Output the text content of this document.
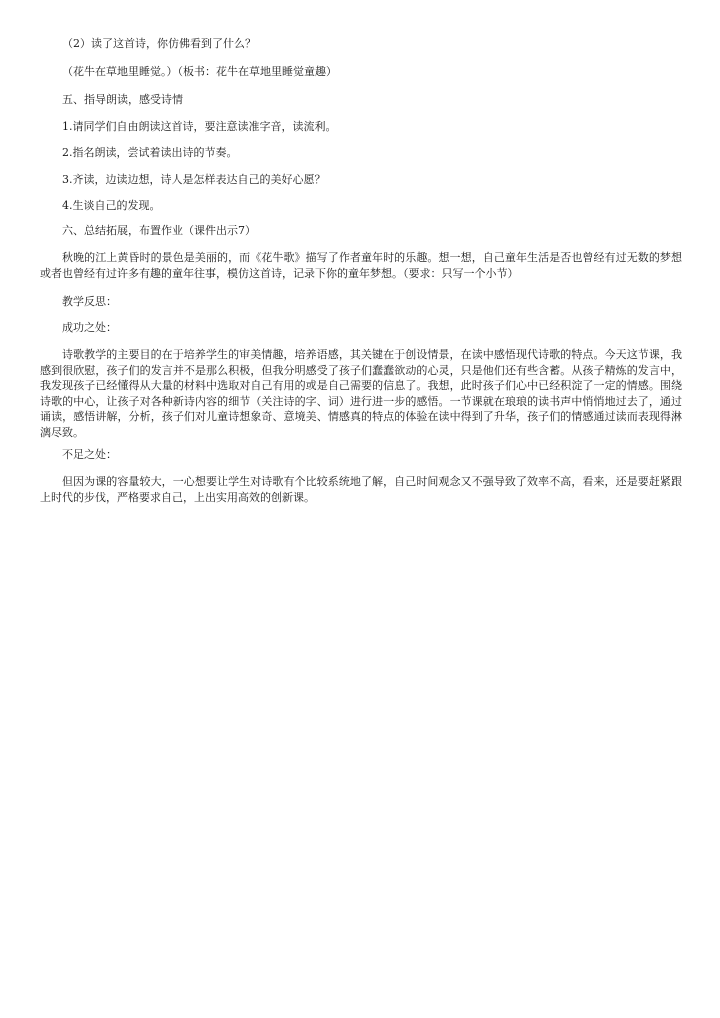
（2）读了这首诗，你仿佛看到了什么？
（花牛在草地里睡觉。）（板书：花牛在草地里睡觉童趣）
五、指导朗读，感受诗情
1.请同学们自由朗读这首诗，要注意读准字音，读流利。
2.指名朗读，尝试着读出诗的节奏。
3.齐读，边读边想，诗人是怎样表达自己的美好心愿？
4.生谈自己的发现。
六、总结拓展，布置作业（课件出示7）
秋晚的江上黄昏时的景色是美丽的，而《花牛歌》描写了作者童年时的乐趣。想一想，自己童年生活是否也曾经有过无数的梦想或者也曾经有过许多有趣的童年往事，模仿这首诗，记录下你的童年梦想。（要求：只写一个小节）
教学反思：
成功之处：
诗歌教学的主要目的在于培养学生的审美情趣，培养语感，其关键在于创设情景，在读中感悟现代诗歌的特点。今天这节课，我感到很欣慰，孩子们的发言并不是那么积极，但我分明感受了孩子们蠢蠢欲动的心灵，只是他们还有些含蓄。从孩子精炼的发言中，我发现孩子已经懂得从大量的材料中选取对自己有用的或是自己需要的信息了。我想，此时孩子们心中已经积淀了一定的情感。围绕诗歌的中心，让孩子对各种新诗内容的细节（关注诗的字、词）进行进一步的感悟。一节课就在琅琅的读书声中悄悄地过去了，通过诵读，感悟讲解，分析，孩子们对儿童诗想象奇、意境美、情感真的特点的体验在读中得到了升华，孩子们的情感通过读而表现得淋漓尽致。
不足之处：
但因为课的容量较大，一心想要让学生对诗歌有个比较系统地了解，自己时间观念又不强导致了效率不高，看来，还是要赶紧跟上时代的步伐，严格要求自己，上出实用高效的创新课。
